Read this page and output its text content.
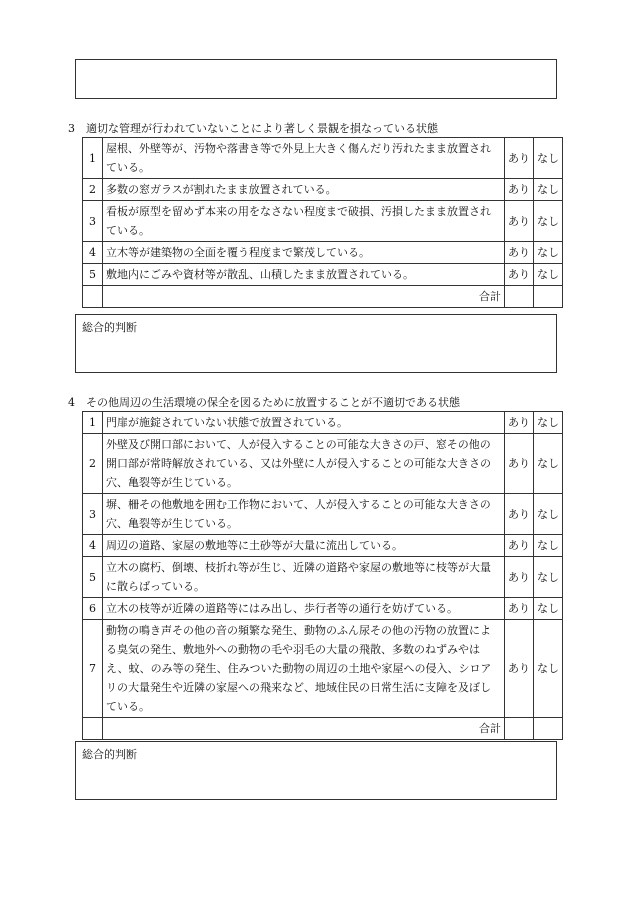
3　適切な管理が行われていないことにより著しく景観を損なっている状態
1	屋根、外壁等が、汚物や落書き等で外見上大きく傷んだり汚れたまま放置されている。	あり	なし
2	多数の窓ガラスが割れたまま放置されている。	あり	なし
3	看板が原型を留めず本来の用をなさない程度まで破損、汚損したまま放置されている。	あり	なし
4	立木等が建築物の全面を覆う程度まで繁茂している。	あり	なし
5	敷地内にごみや資材等が散乱、山積したまま放置されている。	あり	なし
	合計		
総合的判断
4　その他周辺の生活環境の保全を図るために放置することが不適切である状態
1	門扉が施錠されていない状態で放置されている。	あり	なし
2	外壁及び開口部において、人が侵入することの可能な大きさの戸、窓その他の開口部が常時解放されている、又は外壁に人が侵入することの可能な大きさの穴、亀裂等が生じている。	あり	なし
3	塀、柵その他敷地を囲む工作物において、人が侵入することの可能な大きさの穴、亀裂等が生じている。	あり	なし
4	周辺の道路、家屋の敷地等に土砂等が大量に流出している。	あり	なし
5	立木の腐朽、倒壊、枝折れ等が生じ、近隣の道路や家屋の敷地等に枝等が大量に散らばっている。	あり	なし
6	立木の枝等が近隣の道路等にはみ出し、歩行者等の通行を妨げている。	あり	なし
7	動物の鳴き声その他の音の頻繁な発生、動物のふん尿その他の汚物の放置による臭気の発生、敷地外への動物の毛や羽毛の大量の飛散、多数のねずみやはえ、蚊、のみ等の発生、住みついた動物の周辺の土地や家屋への侵入、シロアリの大量発生や近隣の家屋への飛来など、地域住民の日常生活に支障を及ぼしている。	あり	なし
	合計		
総合的判断
